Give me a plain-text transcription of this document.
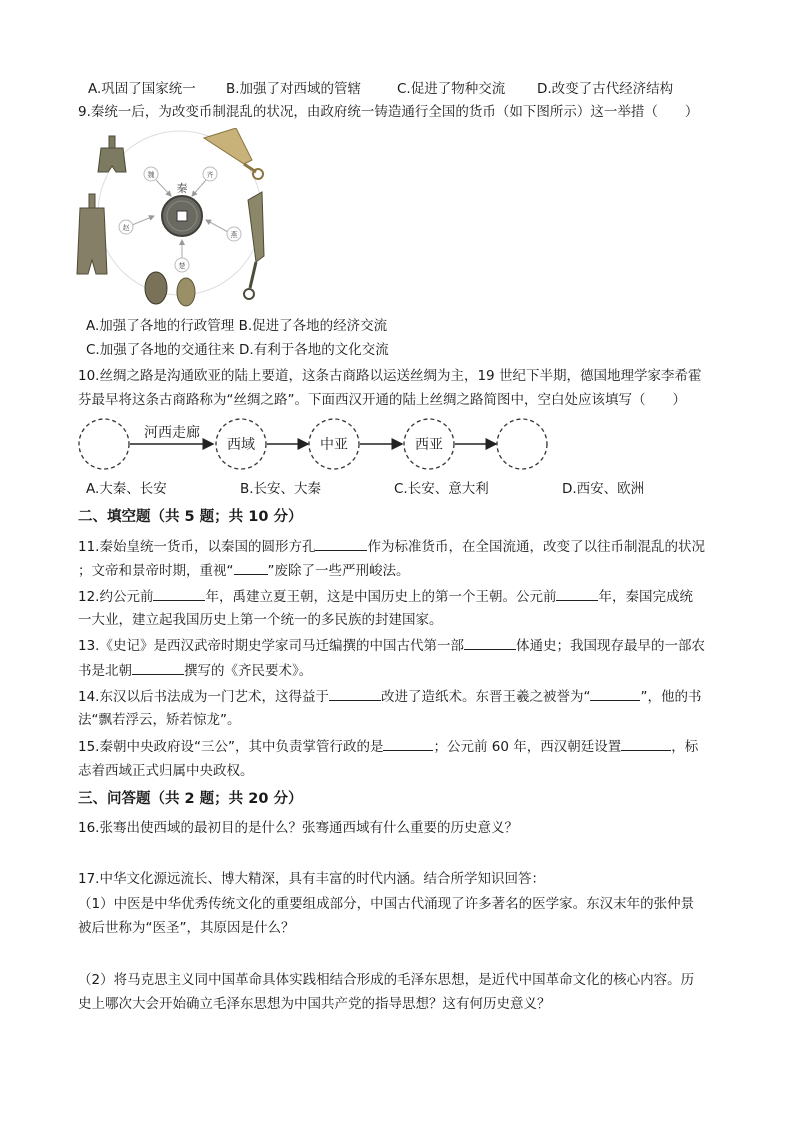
A.巩固了国家统一 B.加强了对西域的管辖	C.促进了物种交流 D.改变了古代经济结构
9.秦统一后，为改变币制混乱的状况，由政府统一铸造通行全国的货币（如下图所示）这一举措（　　）
魏	齐
赵
燕
楚
秦
A.加强了各地的行政管理 B.促进了各地的经济交流
C.加强了各地的交通往来 D.有利于各地的文化交流
10.丝绸之路是沟通欧亚的陆上要道，这条古商路以运送丝绸为主，19 世纪下半期，德国地理学家李希霍
芬最早将这条古商路称为“丝绸之路”。下面西汉开通的陆上丝绸之路简图中，空白处应该填写（　　）
河西走廊
西域	中亚	西亚
A.大秦、长安	B.长安、大秦	C.长安、意大利	D.西安、欧洲
二、填空题（共 5 题；共 10 分）
11.秦始皇统一货币，以秦国的圆形方孔	作为标准货币，在全国流通，改变了以往币制混乱的状况
；文帝和景帝时期，重视“	”废除了一些严刑峻法。
12.约公元前	年，禹建立夏王朝，这是中国历史上的第一个王朝。公元前	年，秦国完成统
一大业，建立起我国历史上第一个统一的多民族的封建国家。
13.《史记》是西汉武帝时期史学家司马迁编撰的中国古代第一部	体通史；我国现存最早的一部农
书是北朝	撰写的《齐民要术》。
14.东汉以后书法成为一门艺术，这得益于	改进了造纸术。东晋王羲之被誉为“	”，他的书
法“飘若浮云，矫若惊龙”。
15.秦朝中央政府设“三公”，其中负责掌管行政的是	；公元前 60 年，西汉朝廷设置	，标
志着西域正式归属中央政权。
三、问答题（共 2 题；共 20 分）
16.张骞出使西域的最初目的是什么？张骞通西域有什么重要的历史意义？
17.中华文化源远流长、博大精深，具有丰富的时代内涵。结合所学知识回答：
（1）中医是中华优秀传统文化的重要组成部分，中国古代涌现了许多著名的医学家。东汉末年的张仲景
被后世称为“医圣”，其原因是什么？
（2）将马克思主义同中国革命具体实践相结合形成的毛泽东思想，是近代中国革命文化的核心内容。历
史上哪次大会开始确立毛泽东思想为中国共产党的指导思想？这有何历史意义？
